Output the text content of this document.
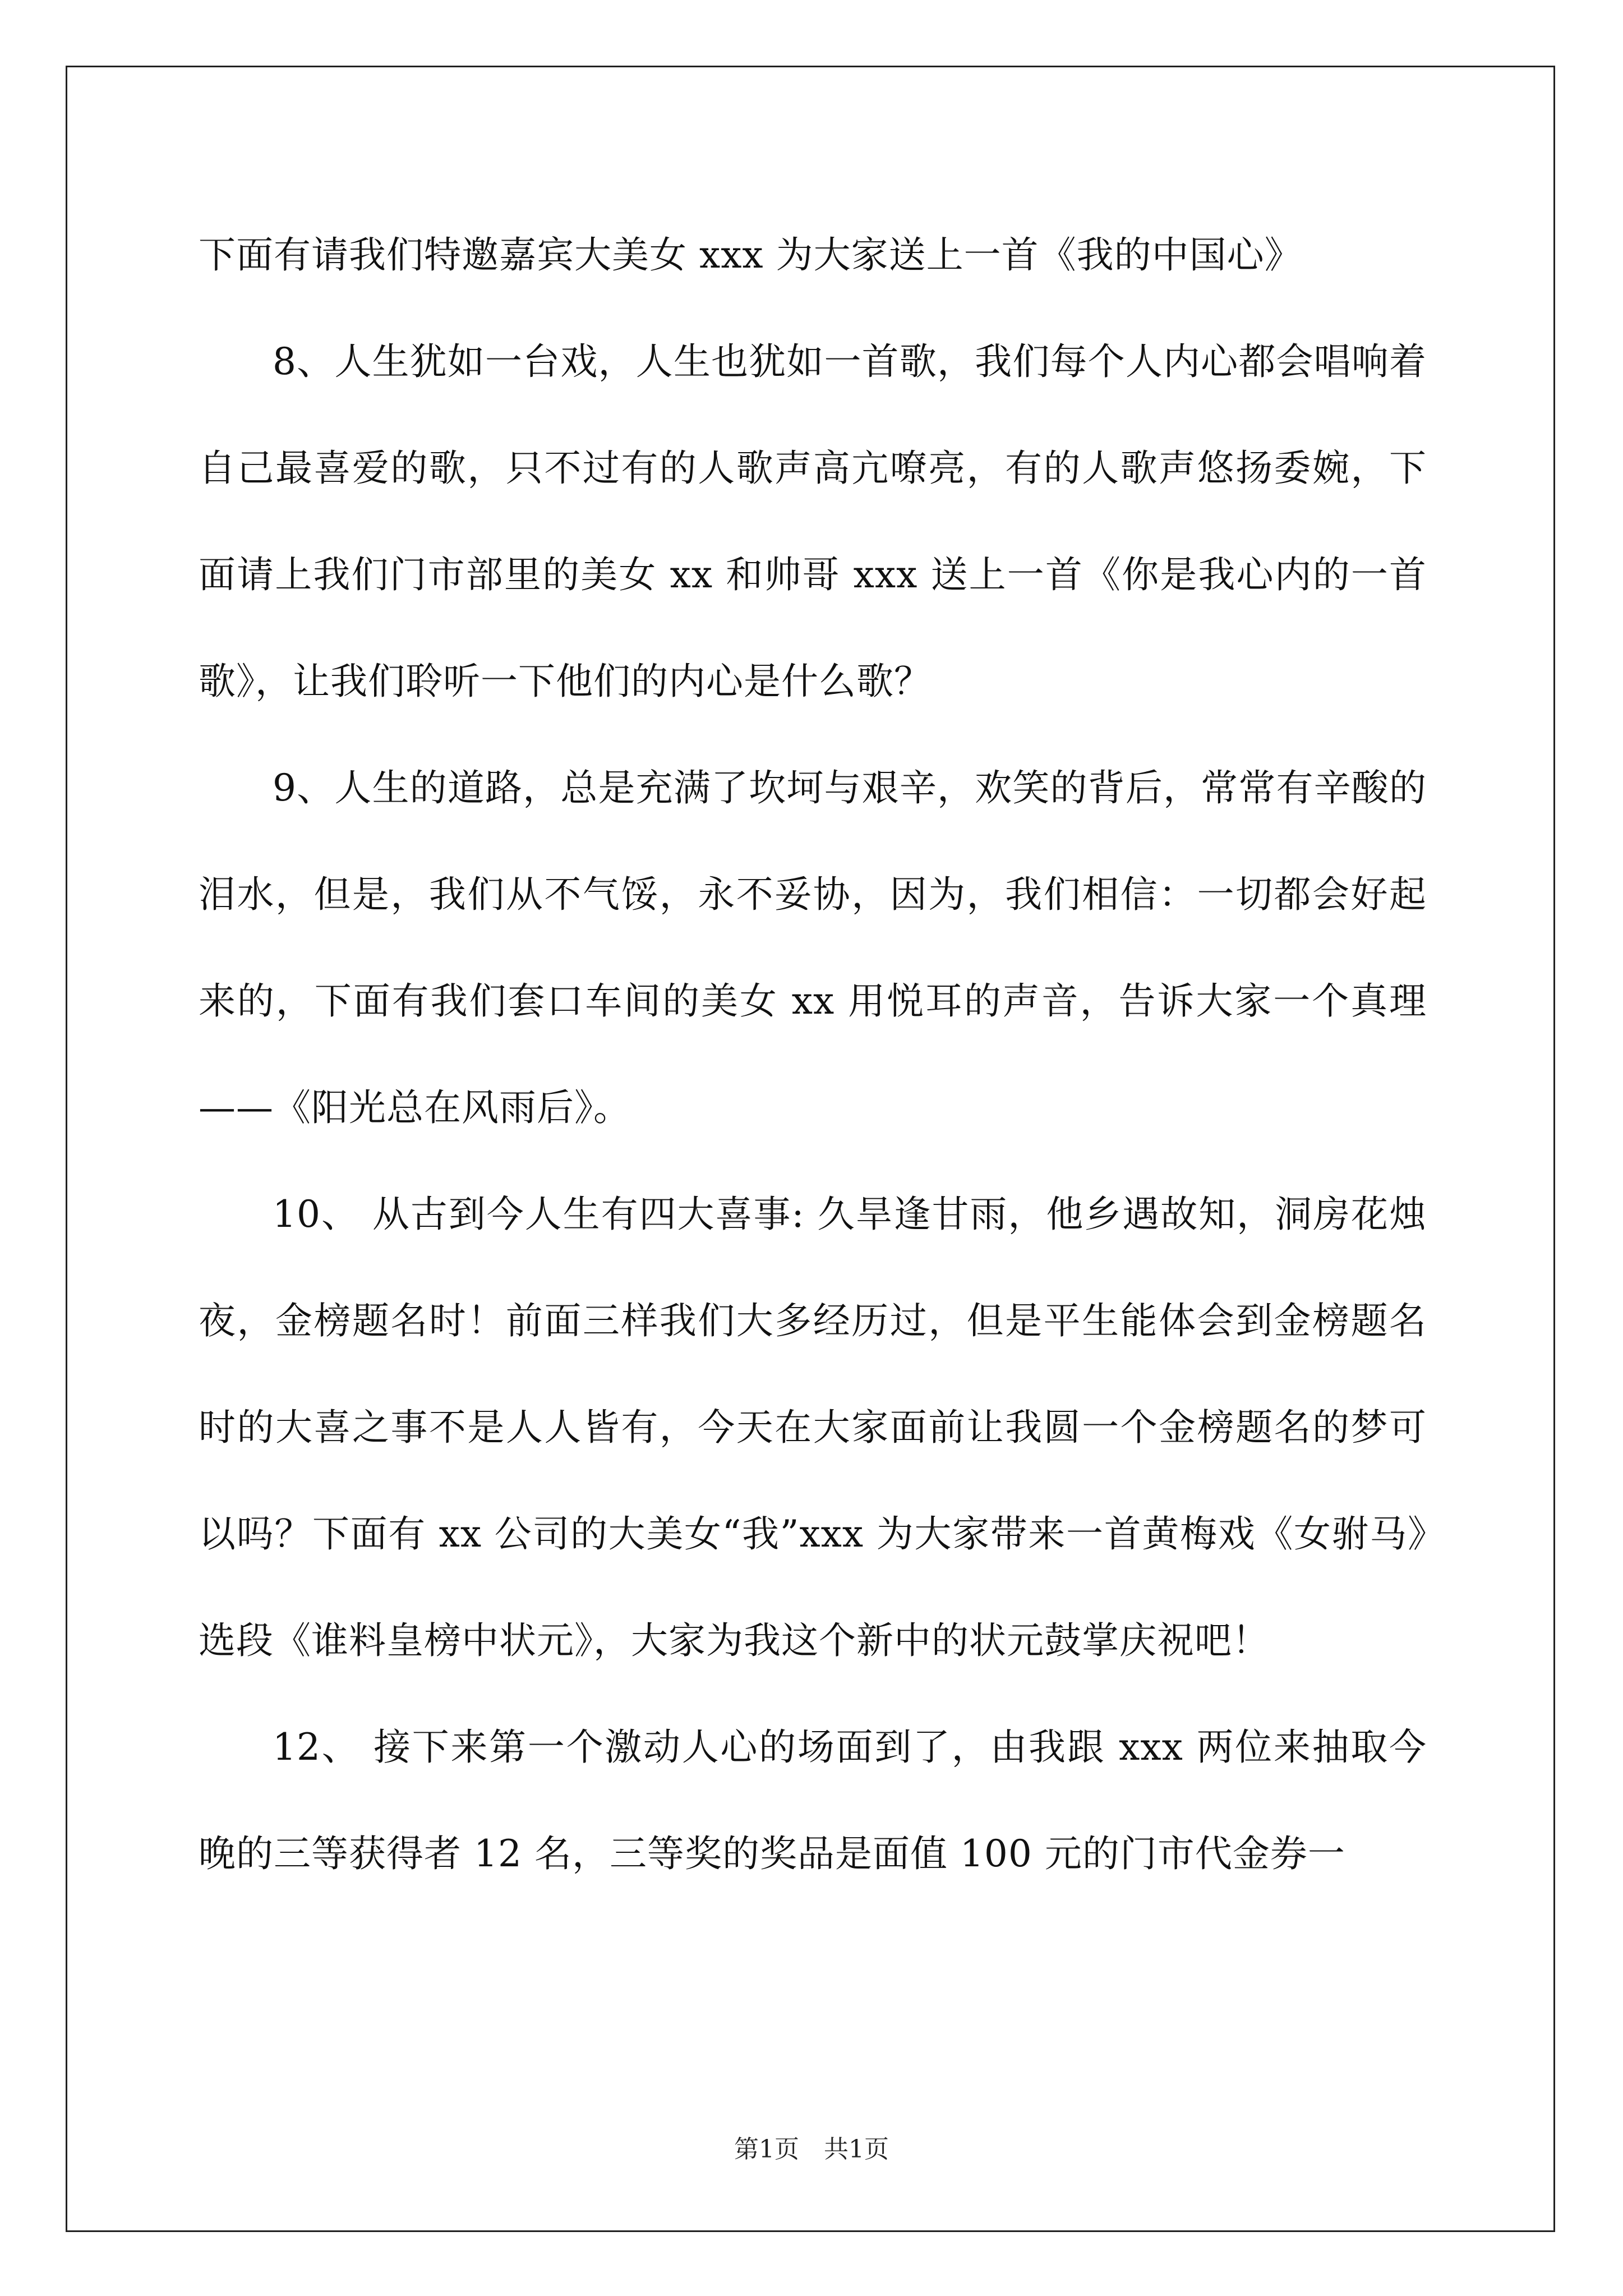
下面有请我们特邀嘉宾大美女 xxx 为大家送上一首《我的中国心》

8、人生犹如一台戏，人生也犹如一首歌，我们每个人内心都会唱响着自己最喜爱的歌，只不过有的人歌声高亢嘹亮，有的人歌声悠扬委婉，下面请上我们门市部里的美女 xx 和帅哥 xxx 送上一首《你是我心内的一首歌》，让我们聆听一下他们的内心是什么歌？

9、人生的道路，总是充满了坎坷与艰辛，欢笑的背后，常常有辛酸的泪水，但是，我们从不气馁，永不妥协，因为，我们相信：一切都会好起来的，下面有我们套口车间的美女 xx 用悦耳的声音，告诉大家一个真理——《阳光总在风雨后》。

10、 从古到今人生有四大喜事: 久旱逢甘雨，他乡遇故知，洞房花烛夜，金榜题名时！前面三样我们大多经历过，但是平生能体会到金榜题名时的大喜之事不是人人皆有，今天在大家面前让我圆一个金榜题名的梦可以吗？下面有 xx 公司的大美女“我”xxx 为大家带来一首黄梅戏《女驸马》选段《谁料皇榜中状元》，大家为我这个新中的状元鼓掌庆祝吧！

12、 接下来第一个激动人心的场面到了，由我跟 xxx 两位来抽取今晚的三等获得者 12 名，三等奖的奖品是面值 100 元的门市代金券一

第1页　共1页
